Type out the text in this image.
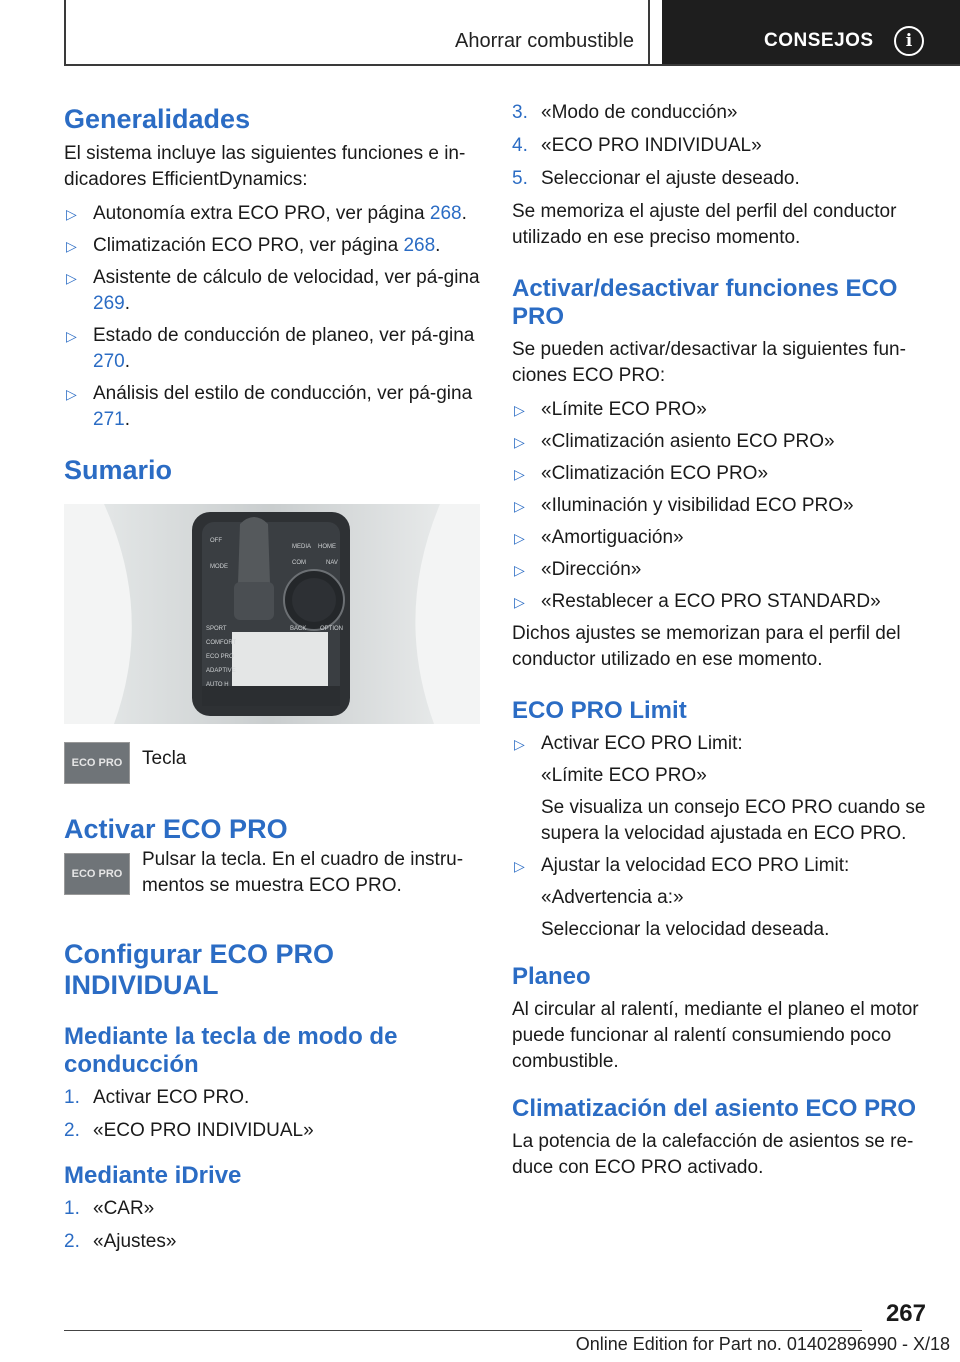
Ahorrar combustible	CONSEJOS	i
Generalidades

El sistema incluye las siguientes funciones e in-dicadores EfficientDynamics:

▷ Autonomía extra ECO PRO, ver página 268.
▷ Climatización ECO PRO, ver página 268.
▷ Asistente de cálculo de velocidad, ver pá-gina 269.
▷ Estado de conducción de planeo, ver pá-gina 270.
▷ Análisis del estilo de conducción, ver pá-gina 271.
Sumario
OFF
MODE
MEDIA HOME
COM	NAV
BACK OPTION
SPORT
COMFORT
ECO PRO
ADAPTIVE
AUTO H
ECO PRO	Tecla

Activar ECO PRO
ECO PRO

Pulsar la tecla. En el cuadro de instru-mentos se muestra ECO PRO.

Configurar ECO PRO INDIVIDUAL
Mediante la tecla de modo de conducción
1. Activar ECO PRO.
2. «ECO PRO INDIVIDUAL»
Mediante iDrive
1. «CAR»
2. «Ajustes»
3. «Modo de conducción»
4. «ECO PRO INDIVIDUAL»
5. Seleccionar el ajuste deseado.

Se memoriza el ajuste del perfil del conductor utilizado en ese preciso momento.

Activar/desactivar funciones ECO PRO

Se pueden activar/desactivar la siguientes fun-ciones ECO PRO:

▷ «Límite ECO PRO»
▷ «Climatización asiento ECO PRO»
▷ «Climatización ECO PRO»
▷ «Iluminación y visibilidad ECO PRO»
▷ «Amortiguación»
▷ «Dirección»
▷ «Restablecer a ECO PRO STANDARD»

Dichos ajustes se memorizan para el perfil del conductor utilizado en ese momento.

ECO PRO Limit
▷ Activar ECO PRO Limit:
«Límite ECO PRO»
Se visualiza un consejo ECO PRO cuando se supera la velocidad ajustada en ECO PRO.
▷ Ajustar la velocidad ECO PRO Limit:
«Advertencia a:»
Seleccionar la velocidad deseada.
Planeo

Al circular al ralentí, mediante el planeo el motor puede funcionar al ralentí consumiendo poco combustible.

Climatización del asiento ECO PRO

La potencia de la calefacción de asientos se re-duce con ECO PRO activado.

267
Online Edition for Part no. 01402896990 - X/18
